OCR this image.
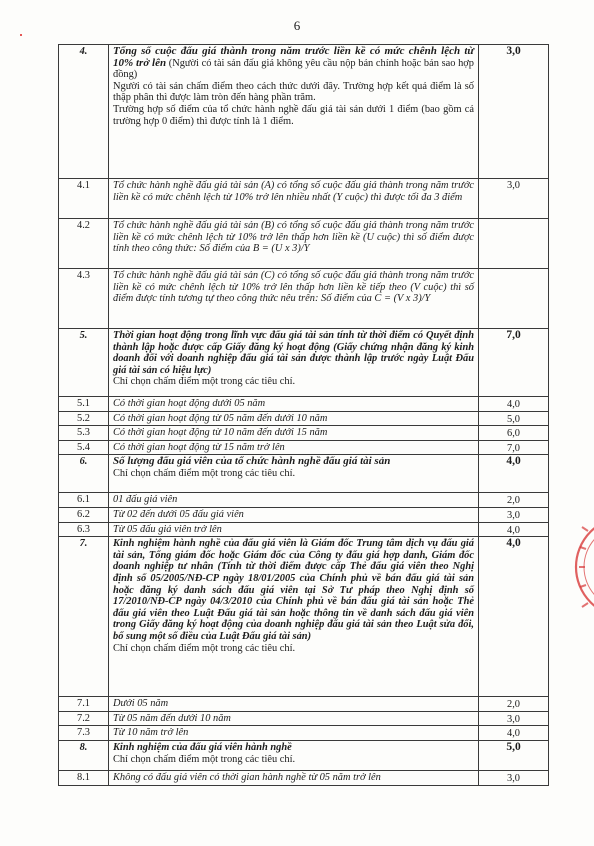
6
4.	Tổng số cuộc đấu giá thành trong năm trước liền kề có mức chênh lệch từ 10% trở lên (Người có tài sản đấu giá không yêu cầu nộp bản chính hoặc bản sao hợp đồng)
Người có tài sản chấm điểm theo cách thức dưới đây. Trường hợp kết quả điểm là số thập phân thì được làm tròn đến hàng phần trăm.
Trường hợp số điểm của tổ chức hành nghề đấu giá tài sản dưới 1 điểm (bao gồm cả trường hợp 0 điểm) thì được tính là 1 điểm.	3,0
4.1	Tổ chức hành nghề đấu giá tài sản (A) có tổng số cuộc đấu giá thành trong năm trước liền kề có mức chênh lệch từ 10% trở lên nhiều nhất (Y cuộc) thì được tối đa 3 điểm	3,0
4.2	Tổ chức hành nghề đấu giá tài sản (B) có tổng số cuộc đấu giá thành trong năm trước liền kề có mức chênh lệch từ 10% trở lên thấp hơn liền kề (U cuộc) thì số điểm được tính theo công thức: Số điểm của B = (U x 3)/Y	
4.3	Tổ chức hành nghề đấu giá tài sản (C) có tổng số cuộc đấu giá thành trong năm trước liền kề có mức chênh lệch từ 10% trở lên thấp hơn liền kề tiếp theo (V cuộc) thì số điểm được tính tương tự theo công thức nêu trên: Số điểm của C = (V x 3)/Y	
5.	Thời gian hoạt động trong lĩnh vực đấu giá tài sản tính từ thời điểm có Quyết định thành lập hoặc được cấp Giấy đăng ký hoạt động (Giấy chứng nhận đăng ký kinh doanh đối với doanh nghiệp đấu giá tài sản được thành lập trước ngày Luật Đấu giá tài sản có hiệu lực)
Chỉ chọn chấm điểm một trong các tiêu chí.	7,0
5.1	Có thời gian hoạt động dưới 05 năm	4,0
5.2	Có thời gian hoạt động từ 05 năm đến dưới 10 năm	5,0
5.3	Có thời gian hoạt động từ 10 năm đến dưới 15 năm	6,0
5.4	Có thời gian hoạt động từ 15 năm trở lên	7,0
6.	Số lượng đấu giá viên của tổ chức hành nghề đấu giá tài sản
Chỉ chọn chấm điểm một trong các tiêu chí.	4,0
6.1	01 đấu giá viên	2,0
6.2	Từ 02 đến dưới 05 đấu giá viên	3,0
6.3	Từ 05 đấu giá viên trở lên	4,0
7.	Kinh nghiệm hành nghề của đấu giá viên là Giám đốc Trung tâm dịch vụ đấu giá tài sản, Tổng giám đốc hoặc Giám đốc của Công ty đấu giá hợp danh, Giám đốc doanh nghiệp tư nhân (Tính từ thời điểm được cấp Thẻ đấu giá viên theo Nghị định số 05/2005/NĐ-CP ngày 18/01/2005 của Chính phủ về bán đấu giá tài sản hoặc đăng ký danh sách đấu giá viên tại Sở Tư pháp theo Nghị định số 17/2010/NĐ-CP ngày 04/3/2010 của Chính phủ về bán đấu giá tài sản hoặc Thẻ đấu giá viên theo Luật Đấu giá tài sản hoặc thông tin về danh sách đấu giá viên trong Giấy đăng ký hoạt động của doanh nghiệp đấu giá tài sản theo Luật sửa đổi, bổ sung một số điều của Luật Đấu giá tài sản)
Chỉ chọn chấm điểm một trong các tiêu chí.	4,0
7.1	Dưới 05 năm	2,0
7.2	Từ 05 năm đến dưới 10 năm	3,0
7.3	Từ 10 năm trở lên	4,0
8.	Kinh nghiệm của đấu giá viên hành nghề
Chỉ chọn chấm điểm một trong các tiêu chí.	5,0
8.1	Không có đấu giá viên có thời gian hành nghề từ 05 năm trở lên	3,0
